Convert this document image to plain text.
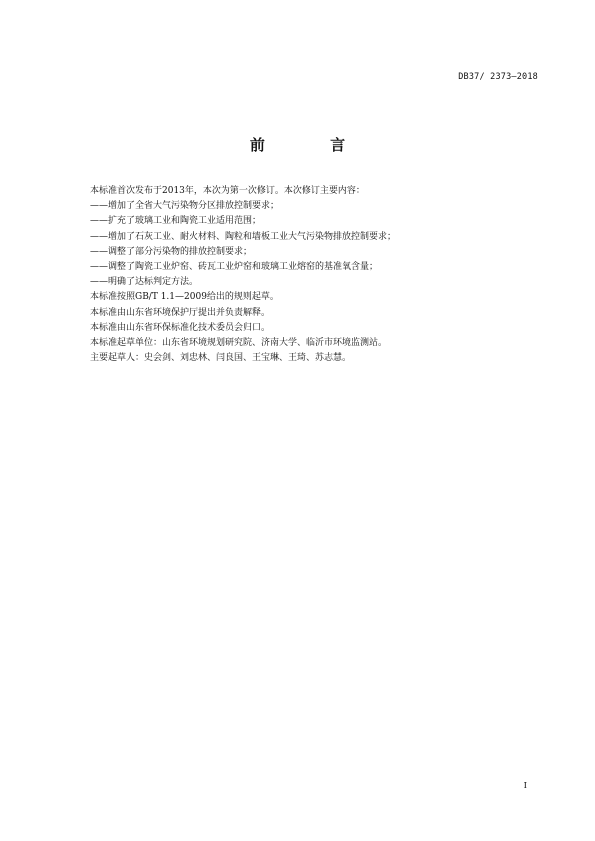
DB37/ 2373—2018
前 言
本标准首次发布于2013年，本次为第一次修订。本次修订主要内容：
——增加了全省大气污染物分区排放控制要求；
——扩充了玻璃工业和陶瓷工业适用范围；
——增加了石灰工业、耐火材料、陶粒和墙板工业大气污染物排放控制要求；
——调整了部分污染物的排放控制要求；
——调整了陶瓷工业炉窑、砖瓦工业炉窑和玻璃工业熔窑的基准氧含量；
——明确了达标判定方法。
本标准按照GB/T 1.1—2009给出的规则起草。
本标准由山东省环境保护厅提出并负责解释。
本标准由山东省环保标准化技术委员会归口。
本标准起草单位：山东省环境规划研究院、济南大学、临沂市环境监测站。
主要起草人：史会剑、刘忠林、闫良国、王宝琳、王琦、苏志慧。
I
